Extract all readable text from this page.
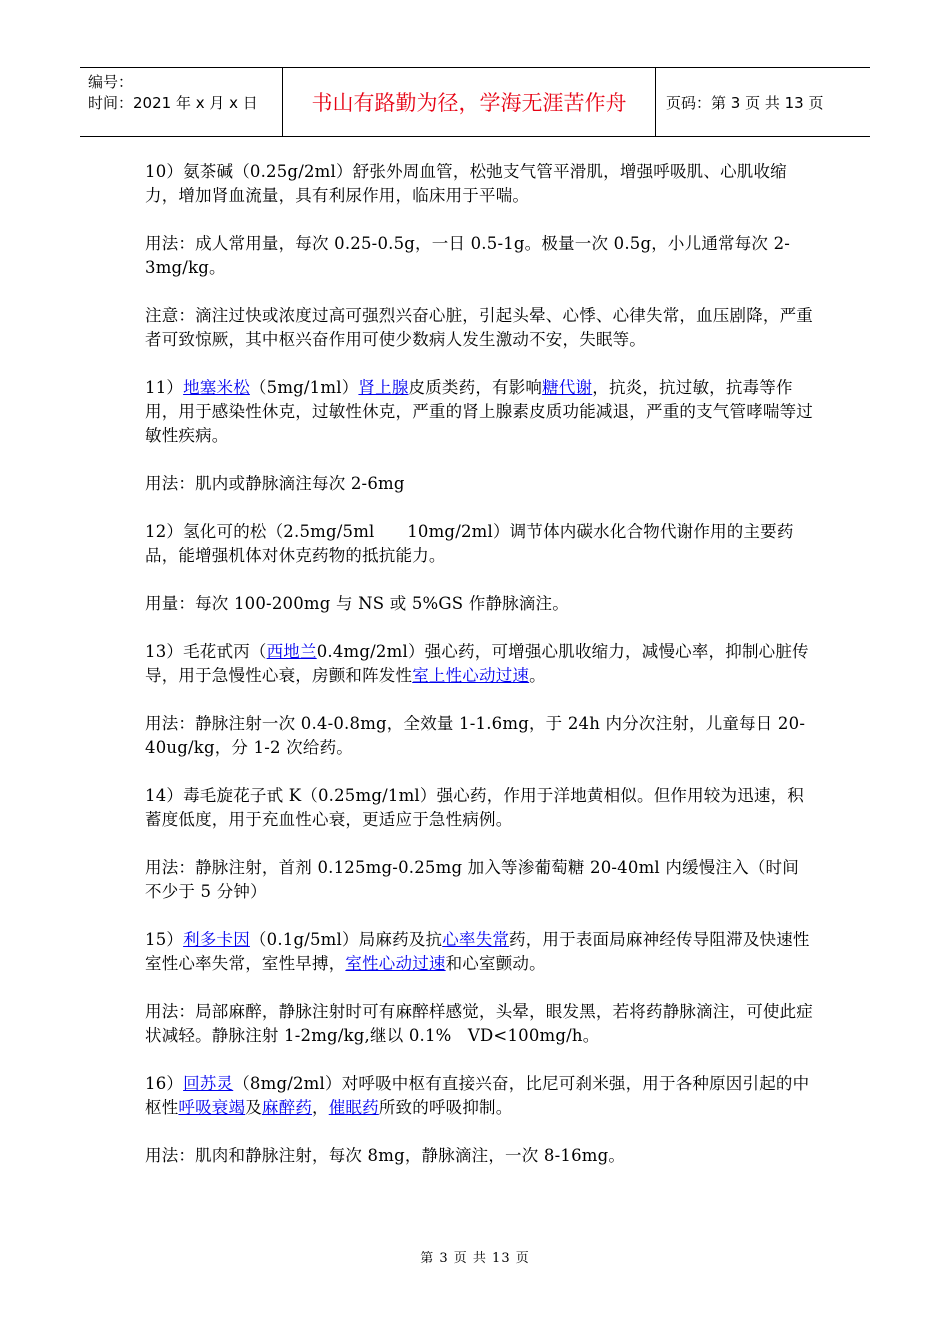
编号：
时间：2021 年 x 月 x 日	书山有路勤为径，学海无涯苦作舟	页码：第 3 页 共 13 页

10）氨茶碱（0.25g/2ml）舒张外周血管，松弛支气管平滑肌，增强呼吸肌、心肌收缩力，增加肾血流量，具有利尿作用，临床用于平喘。

用法：成人常用量，每次 0.25-0.5g，一日 0.5-1g。极量一次 0.5g，小儿通常每次 2-3mg/kg。

注意：滴注过快或浓度过高可强烈兴奋心脏，引起头晕、心悸、心律失常，血压剧降，严重者可致惊厥，其中枢兴奋作用可使少数病人发生激动不安，失眠等。

11）地塞米松（5mg/1ml）肾上腺皮质类药，有影响糖代谢，抗炎，抗过敏，抗毒等作用，用于感染性休克，过敏性休克，严重的肾上腺素皮质功能减退，严重的支气管哮喘等过敏性疾病。

用法：肌内或静脉滴注每次 2-6mg

12）氢化可的松（2.5mg/5ml      10mg/2ml）调节体内碳水化合物代谢作用的主要药品，能增强机体对休克药物的抵抗能力。

用量：每次 100-200mg 与 NS 或 5%GS 作静脉滴注。

13）毛花甙丙（西地兰0.4mg/2ml）强心药，可增强心肌收缩力，减慢心率，抑制心脏传导，用于急慢性心衰，房颤和阵发性室上性心动过速。

用法：静脉注射一次 0.4-0.8mg，全效量 1-1.6mg，于 24h 内分次注射，儿童每日 20-40ug/kg，分 1-2 次给药。

14）毒毛旋花子甙 K（0.25mg/1ml）强心药，作用于洋地黄相似。但作用较为迅速，积蓄度低度，用于充血性心衰，更适应于急性病例。

用法：静脉注射，首剂 0.125mg-0.25mg 加入等渗葡萄糖 20-40ml 内缓慢注入（时间不少于 5 分钟）

15）利多卡因（0.1g/5ml）局麻药及抗心率失常药，用于表面局麻神经传导阻滞及快速性室性心率失常，室性早搏，室性心动过速和心室颤动。

用法：局部麻醉，静脉注射时可有麻醉样感觉，头晕，眼发黑，若将药静脉滴注，可使此症状减轻。静脉注射 1-2mg/kg,继以 0.1%   VD<100mg/h。

16）回苏灵（8mg/2ml）对呼吸中枢有直接兴奋，比尼可刹米强，用于各种原因引起的中枢性呼吸衰竭及麻醉药，催眠药所致的呼吸抑制。

用法：肌肉和静脉注射，每次 8mg，静脉滴注，一次 8-16mg。

第 3 页 共 13 页
